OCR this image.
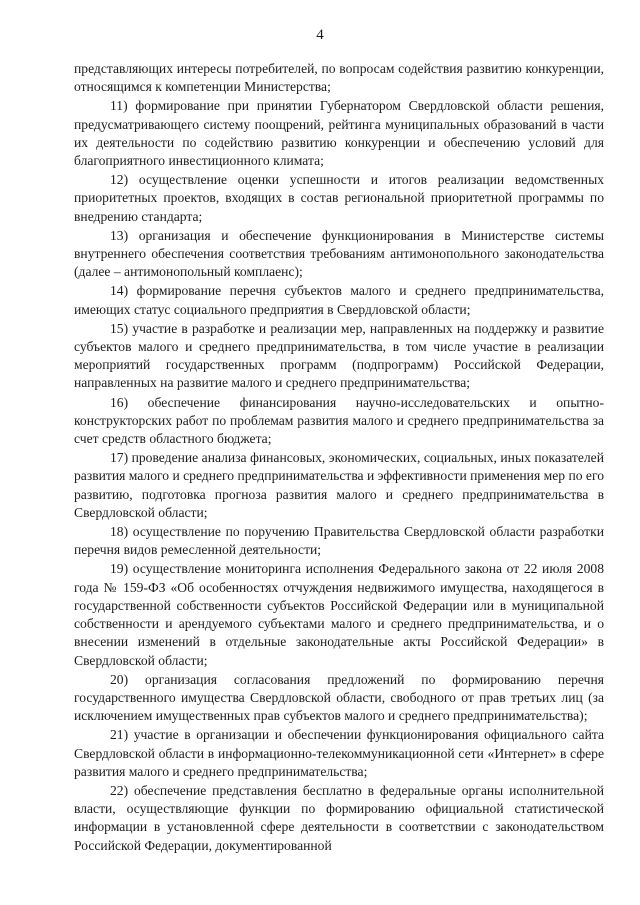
4

представляющих интересы потребителей, по вопросам содействия развитию конкуренции, относящимся к компетенции Министерства;

11) формирование при принятии Губернатором Свердловской области решения, предусматривающего систему поощрений, рейтинга муниципальных образований в части их деятельности по содействию развитию конкуренции и обеспечению условий для благоприятного инвестиционного климата;

12) осуществление оценки успешности и итогов реализации ведомственных приоритетных проектов, входящих в состав региональной приоритетной программы по внедрению стандарта;

13) организация и обеспечение функционирования в Министерстве системы внутреннего обеспечения соответствия требованиям антимонопольного законодательства (далее – антимонопольный комплаенс);

14) формирование перечня субъектов малого и среднего предпринимательства, имеющих статус социального предприятия в Свердловской области;

15) участие в разработке и реализации мер, направленных на поддержку и развитие субъектов малого и среднего предпринимательства, в том числе участие в реализации мероприятий государственных программ (подпрограмм) Российской Федерации, направленных на развитие малого и среднего предпринимательства;

16) обеспечение финансирования научно-исследовательских и опытно-конструкторских работ по проблемам развития малого и среднего предпринимательства за счет средств областного бюджета;

17) проведение анализа финансовых, экономических, социальных, иных показателей развития малого и среднего предпринимательства и эффективности применения мер по его развитию, подготовка прогноза развития малого и среднего предпринимательства в Свердловской области;

18) осуществление по поручению Правительства Свердловской области разработки перечня видов ремесленной деятельности;

19) осуществление мониторинга исполнения Федерального закона от 22 июля 2008 года № 159-ФЗ «Об особенностях отчуждения недвижимого имущества, находящегося в государственной собственности субъектов Российской Федерации или в муниципальной собственности и арендуемого субъектами малого и среднего предпринимательства, и о внесении изменений в отдельные законодательные акты Российской Федерации» в Свердловской области;

20) организация согласования предложений по формированию перечня государственного имущества Свердловской области, свободного от прав третьих лиц (за исключением имущественных прав субъектов малого и среднего предпринимательства);

21) участие в организации и обеспечении функционирования официального сайта Свердловской области в информационно-телекоммуникационной сети «Интернет» в сфере развития малого и среднего предпринимательства;

22) обеспечение представления бесплатно в федеральные органы исполнительной власти, осуществляющие функции по формированию официальной статистической информации в установленной сфере деятельности в соответствии с законодательством Российской Федерации, документированной
